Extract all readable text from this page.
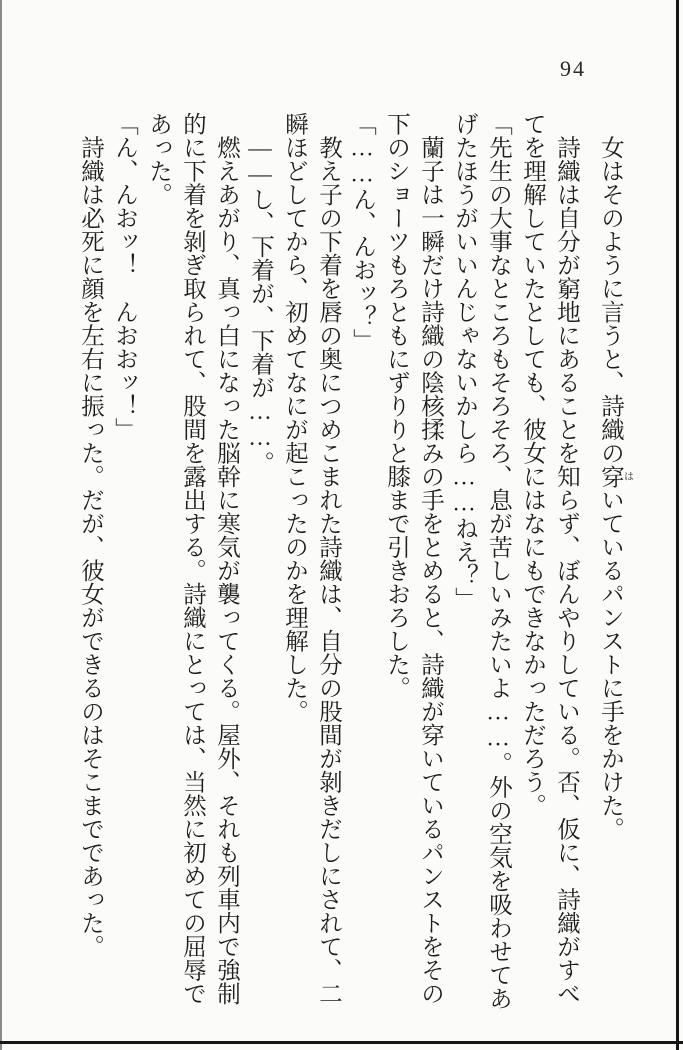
94
　女はそのように言うと、詩織の穿はいているパンストに手をかけた。
　詩織は自分が窮地にあることを知らず、ぼんやりしている。否、仮に、詩織がすべ
てを理解していたとしても、彼女にはなにもできなかっただろう。
「先生の大事なところもそろそろ、息が苦しいみたいよ……。外の空気を吸わせてあ
げたほうがいいんじゃないかしら……ねえ？」
　蘭子は一瞬だけ詩織の陰核揉みの手をとめると、詩織が穿いているパンストをその
下のショーツもろともにずりりと膝まで引きおろした。
「……ん、んおッ？」
　教え子の下着を唇の奥につめこまれた詩織は、自分の股間が剝きだしにされて、二
瞬ほどしてから、初めてなにが起こったのかを理解した。
　――し、下着が、下着が……。
　燃えあがり、真っ白になった脳幹に寒気が襲ってくる。屋外、それも列車内で強制
的に下着を剝ぎ取られて、股間を露出する。詩織にとっては、当然に初めての屈辱で
あった。
「ん、んおッ！　んおおッ！」
　詩織は必死に顔を左右に振った。だが、彼女ができるのはそこまでであった。
